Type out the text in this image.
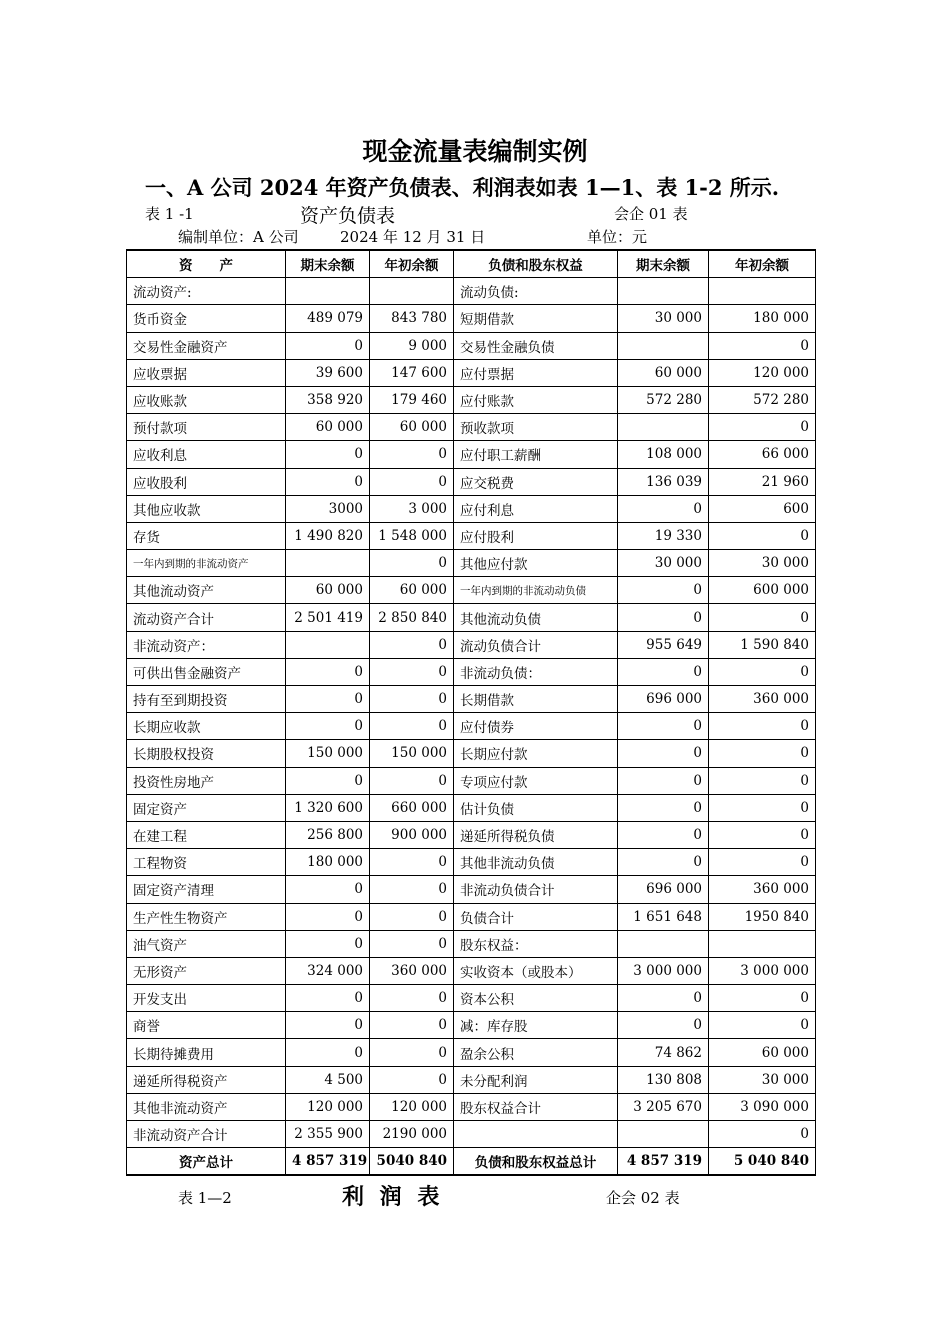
现金流量表编制实例
一、A 公司 2024 年资产负债表、利润表如表 1—1、表 1-2 所示.
表 1 -1	资产负债表	会企 01 表
编制单位：A 公司	2024 年 12 月 31 日	单位：元
资　　产	期末余额	年初余额	负债和股东权益	期末余额	年初余额
流动资产:			流动负债:		
货币资金	489 079	843 780	短期借款	30 000	180 000
交易性金融资产	0	9 000	交易性金融负债		0
应收票据	39 600	147 600	应付票据	60 000	120 000
应收账款	358 920	179 460	应付账款	572 280	572 280
预付款项	60 000	60 000	预收款项		0
应收利息	0	0	应付职工薪酬	108 000	66 000
应收股利	0	0	应交税费	136 039	21 960
其他应收款	3000	3 000	应付利息	0	600
存货	1 490 820	1 548 000	应付股利	19 330	0
一年内到期的非流动资产		0	其他应付款	30 000	30 000
其他流动资产	60 000	60 000	一年内到期的非流动动负债	0	600 000
流动资产合计	2 501 419	2 850 840	其他流动负债	0	0
非流动资产：		0	流动负债合计	955 649	1 590 840
可供出售金融资产	0	0	非流动负债：	0	0
持有至到期投资	0	0	长期借款	696 000	360 000
长期应收款	0	0	应付债券	0	0
长期股权投资	150 000	150 000	长期应付款	0	0
投资性房地产	0	0	专项应付款	0	0
固定资产	1 320 600	660 000	估计负债	0	0
在建工程	256 800	900 000	递延所得税负债	0	0
工程物资	180 000	0	其他非流动负债	0	0
固定资产清理	0	0	非流动负债合计	696 000	360 000
生产性生物资产	0	0	负债合计	1 651 648	1950 840
油气资产	0	0	股东权益：		
无形资产	324 000	360 000	实收资本（或股本）	3 000 000	3 000 000
开发支出	0	0	资本公积	0	0
商誉	0	0	减：库存股	0	0
长期待摊费用	0	0	盈余公积	74 862	60 000
递延所得税资产	4 500	0	未分配利润	130 808	30 000
其他非流动资产	120 000	120 000	股东权益合计	3 205 670	3 090 000
非流动资产合计	2 355 900	2190 000			0
资产总计	4 857 319	5040 840	负债和股东权益总计	4 857 319	5 040 840
表 1—2	利 润 表	企会 02 表
